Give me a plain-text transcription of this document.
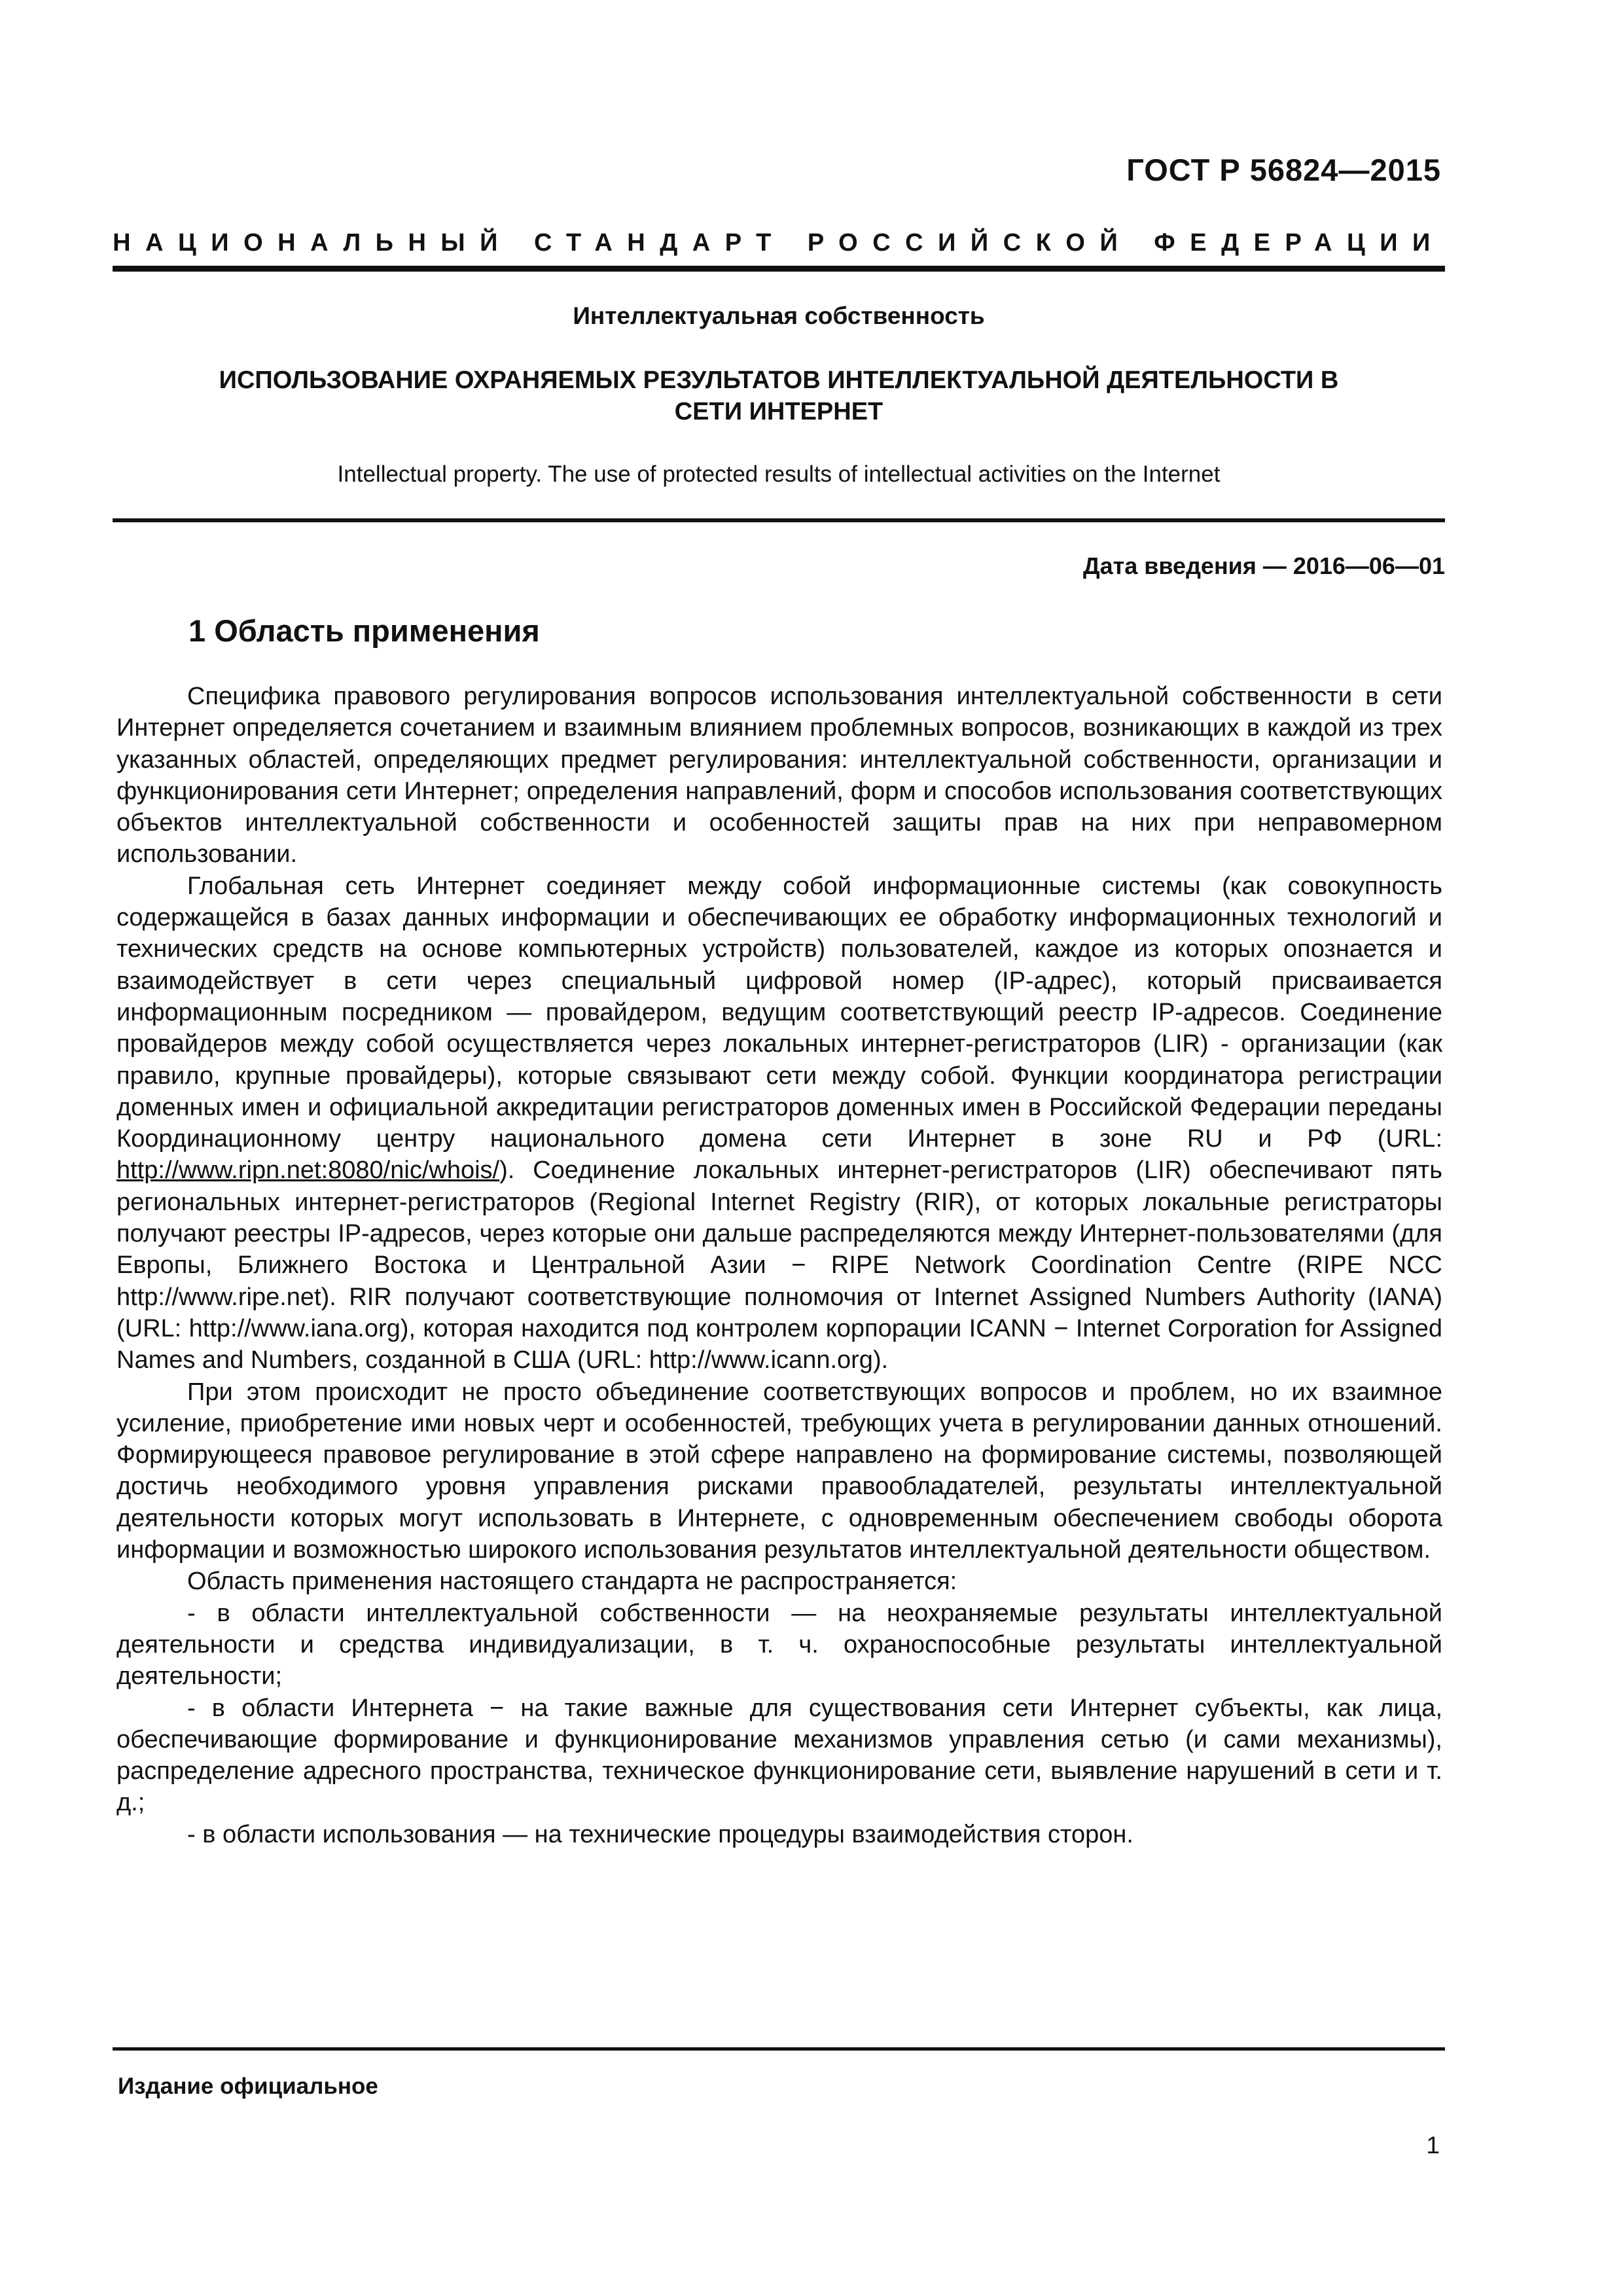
ГОСТ Р 56824—2015
НАЦИОНАЛЬНЫЙ СТАНДАРТ РОССИЙСКОЙ ФЕДЕРАЦИИ
Интеллектуальная собственность
ИСПОЛЬЗОВАНИЕ ОХРАНЯЕМЫХ РЕЗУЛЬТАТОВ ИНТЕЛЛЕКТУАЛЬНОЙ ДЕЯТЕЛЬНОСТИ В
СЕТИ ИНТЕРНЕТ
Intellectual property. The use of protected results of intellectual activities on the Internet
Дата введения — 2016—06—01
1 Область применения

Специфика правового регулирования вопросов использования интеллектуальной собственности в сети Интернет определяется сочетанием и взаимным влиянием проблемных вопросов, возникающих в каждой из трех указанных областей, определяющих предмет регулирования: интеллектуальной собственности, организации и функционирования сети Интернет; определения направлений, форм и способов использования соответствующих объектов интеллектуальной собственности и особенностей защиты прав на них при неправомерном использовании.

Глобальная сеть Интернет соединяет между собой информационные системы (как совокупность содержащейся в базах данных информации и обеспечивающих ее обработку информационных технологий и технических средств на основе компьютерных устройств) пользователей, каждое из которых опознается и взаимодействует в сети через специальный цифровой номер (IP-адрес), который присваивается информационным посредником — провайдером, ведущим соответствующий реестр IP-адресов. Соединение провайдеров между собой осуществляется через локальных интернет-регистраторов (LIR) - организации (как правило, крупные провайдеры), которые связывают сети между собой. Функции координатора регистрации доменных имен и официальной аккредитации регистраторов доменных имен в Российской Федерации переданы Координационному центру национального домена сети Интернет в зоне RU и РФ (URL: http://www.ripn.net:8080/nic/whois/). Соединение локальных интернет-регистраторов (LIR) обеспечивают пять региональных интернет-регистраторов (Regional Internet Registry (RIR), от которых локальные регистраторы получают реестры IP-адресов, через которые они дальше распределяются между Интернет-пользователями (для Европы, Ближнего Востока и Центральной Азии − RIPE Network Coordination Centre (RIPE NCC http://www.ripe.net). RIR получают соответствующие полномочия от Internet Assigned Numbers Authority (IANA) (URL: http://www.iana.org), которая находится под контролем корпорации ICANN − Internet Corporation for Assigned Names and Numbers, созданной в США (URL: http://www.icann.org).

При этом происходит не просто объединение соответствующих вопросов и проблем, но их взаимное усиление, приобретение ими новых черт и особенностей, требующих учета в регулировании данных отношений. Формирующееся правовое регулирование в этой сфере направлено на формирование системы, позволяющей достичь необходимого уровня управления рисками правообладателей, результаты интеллектуальной деятельности которых могут использовать в Интернете, с одновременным обеспечением свободы оборота информации и возможностью широкого использования результатов интеллектуальной деятельности обществом.

Область применения настоящего стандарта не распространяется:

- в области интеллектуальной собственности — на неохраняемые результаты интеллектуальной деятельности и средства индивидуализации, в т. ч. охраноспособные результаты интеллектуальной деятельности;

- в области Интернета − на такие важные для существования сети Интернет субъекты, как лица, обеспечивающие формирование и функционирование механизмов управления сетью (и сами механизмы), распределение адресного пространства, техническое функционирование сети, выявление нарушений в сети и т. д.;

- в области использования — на технические процедуры взаимодействия сторон.

Издание официальное
1
